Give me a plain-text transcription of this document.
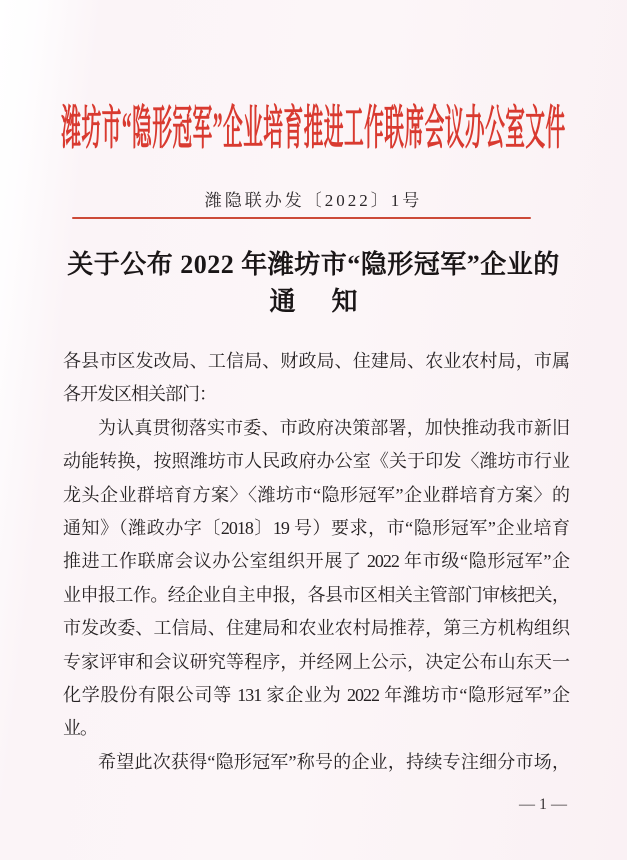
潍坊市“隐形冠军”企业培育推进工作联席会议办公室文件
潍隐联办发〔2022〕1号
关于公布 2022 年潍坊市“隐形冠军”企业的
通　知
各县市区发改局、工信局、财政局、住建局、农业农村局，市属
各开发区相关部门：
为认真贯彻落实市委、市政府决策部署，加快推动我市新旧
动能转换，按照潍坊市人民政府办公室《关于印发〈潍坊市行业
龙头企业群培育方案〉〈潍坊市“隐形冠军”企业群培育方案〉的
通知》（潍政办字〔2018〕19 号）要求，市“隐形冠军”企业培育
推进工作联席会议办公室组织开展了 2022 年市级“隐形冠军”企
业申报工作。经企业自主申报，各县市区相关主管部门审核把关，
市发改委、工信局、住建局和农业农村局推荐，第三方机构组织
专家评审和会议研究等程序，并经网上公示，决定公布山东天一
化学股份有限公司等 131 家企业为 2022 年潍坊市“隐形冠军”企
业。
希望此次获得“隐形冠军”称号的企业，持续专注细分市场，
— 1 —
